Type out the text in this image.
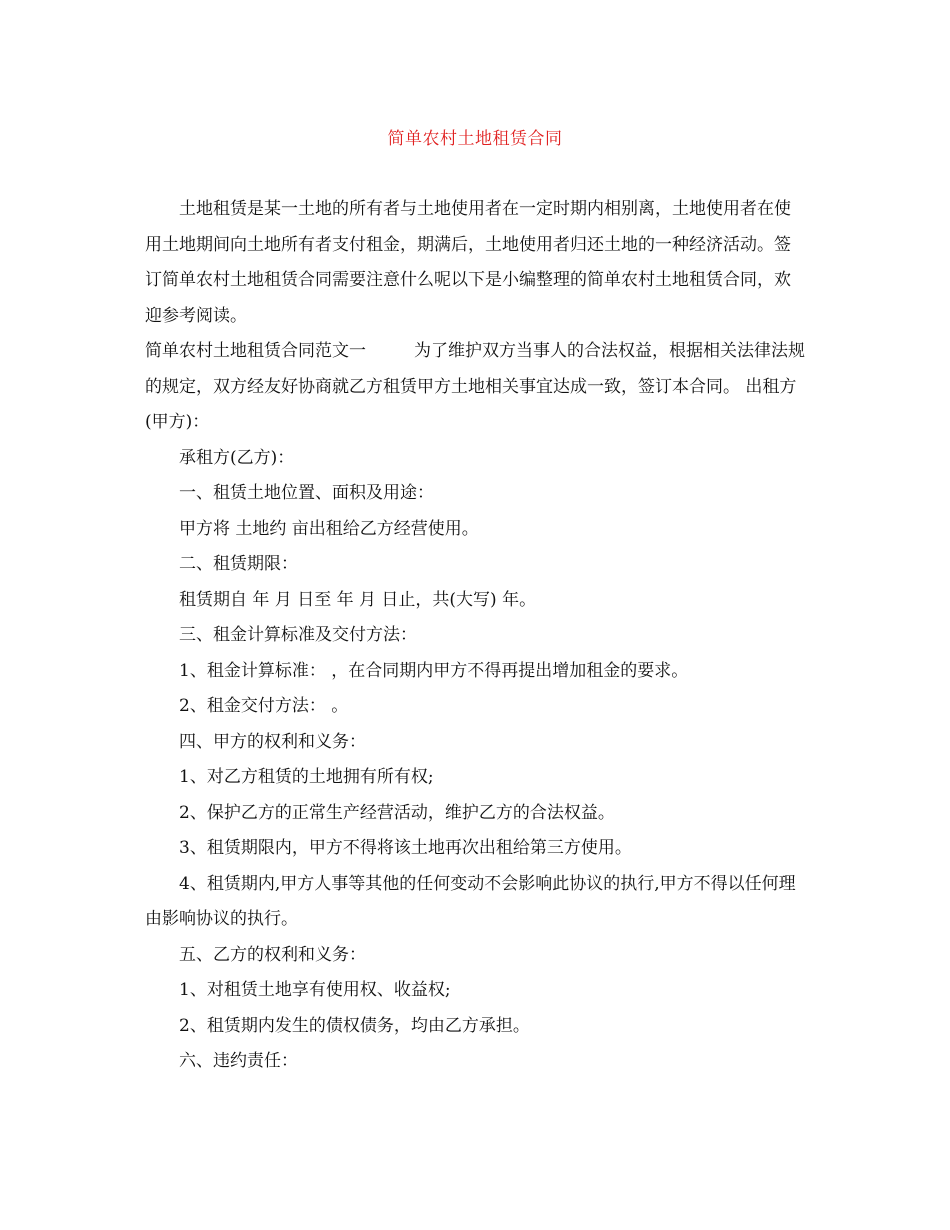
简单农村土地租赁合同

土地租赁是某一土地的所有者与土地使用者在一定时期内相别离，土地使用者在使用土地期间向土地所有者支付租金，期满后，土地使用者归还土地的一种经济活动。签订简单农村土地租赁合同需要注意什么呢以下是小编整理的简单农村土地租赁合同，欢迎参考阅读。

简单农村土地租赁合同范文一	为了维护双方当事人的合法权益，根据相关法律法规的规定，双方经友好协商就乙方租赁甲方土地相关事宜达成一致，签订本合同。 出租方(甲方)：

承租方(乙方)：

一、租赁土地位置、面积及用途：

甲方将 土地约 亩出租给乙方经营使用。

二、租赁期限：

租赁期自 年 月 日至 年 月 日止，共(大写) 年。

三、租金计算标准及交付方法：

1、租金计算标准： ，在合同期内甲方不得再提出增加租金的要求。

2、租金交付方法： 。

四、甲方的权利和义务：

1、对乙方租赁的土地拥有所有权;

2、保护乙方的正常生产经营活动，维护乙方的合法权益。

3、租赁期限内，甲方不得将该土地再次出租给第三方使用。

4、租赁期内,甲方人事等其他的任何变动不会影响此协议的执行,甲方不得以任何理由影响协议的执行。

五、乙方的权利和义务：

1、对租赁土地享有使用权、收益权;

2、租赁期内发生的债权债务，均由乙方承担。

六、违约责任：
